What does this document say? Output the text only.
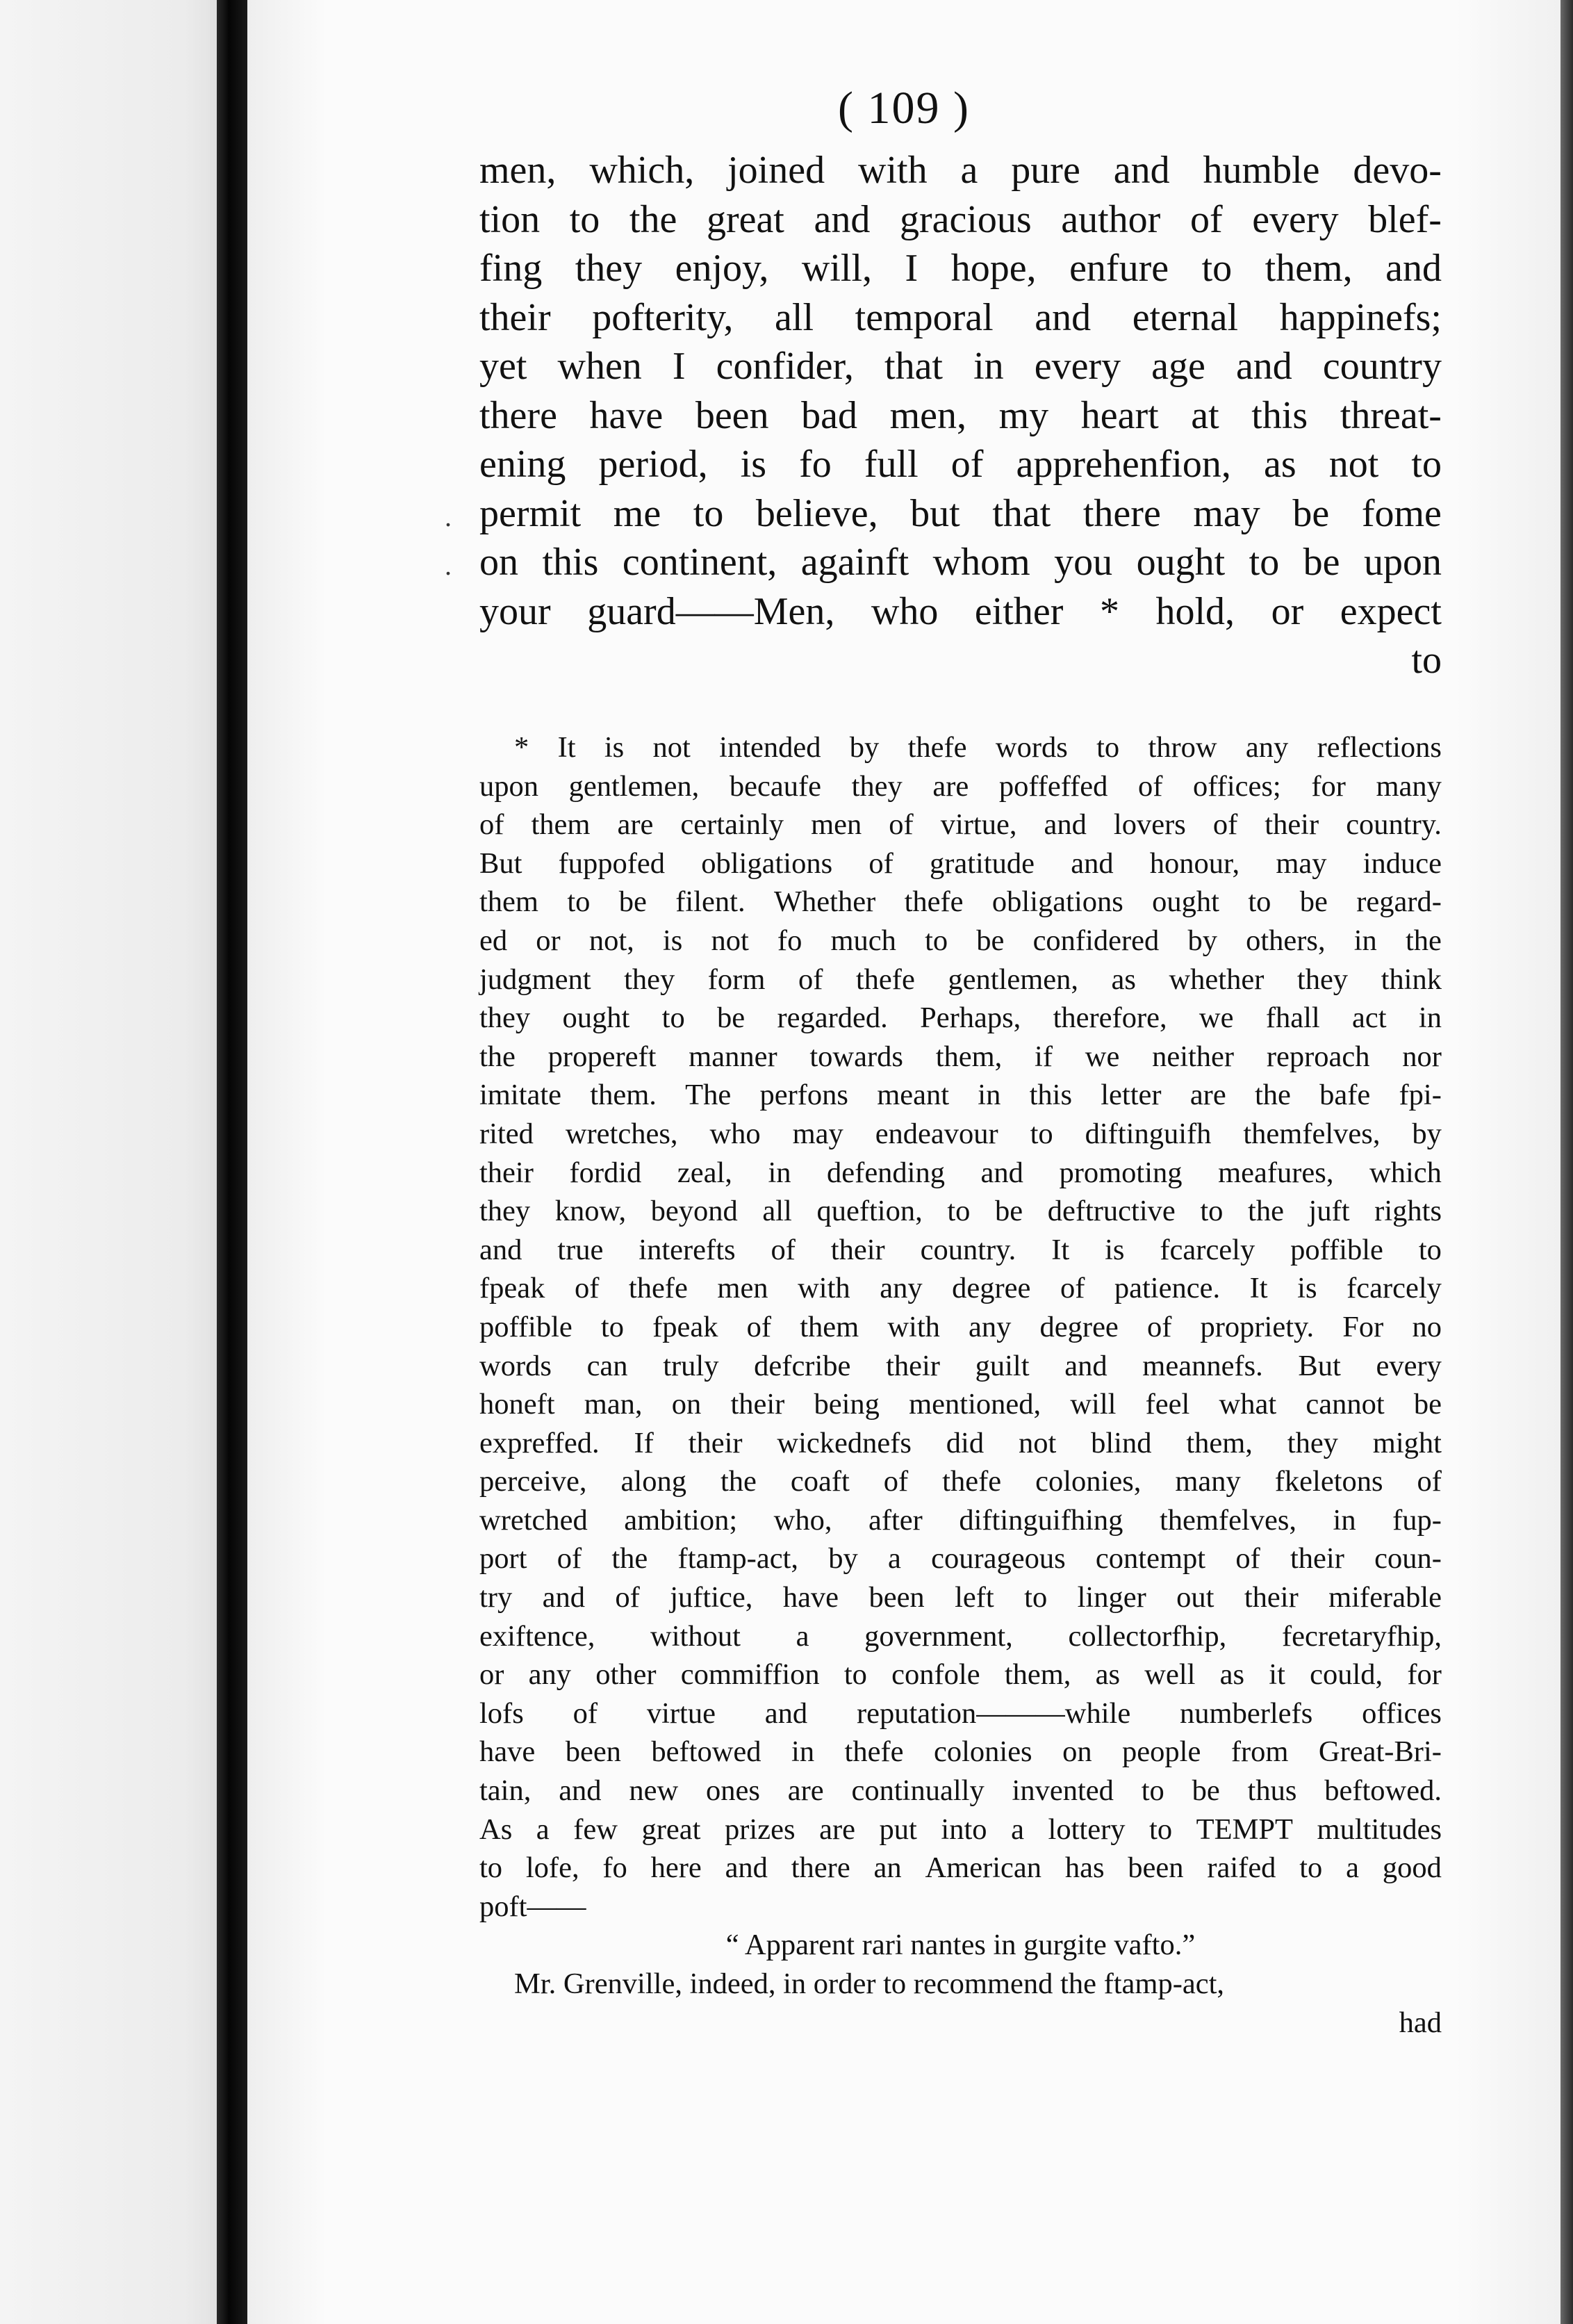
( 109 )
.
.
men, which, joined with a pure and humble devo-
tion to the great and gracious author of every blef-
fing they enjoy, will, I hope, enfure to them, and
their pofterity, all temporal and eternal happinefs;
yet when I confider, that in every age and country
there have been bad men, my heart at this threat-
ening period, is fo full of apprehenfion, as not to
permit me to believe, but that there may be fome
on this continent, againft whom you ought to be upon
your guard——Men, who either * hold, or expect
to
* It is not intended by thefe words to throw any reflections
upon gentlemen, becaufe they are poffeffed of offices; for many
of them are certainly men of virtue, and lovers of their country.
But fuppofed obligations of gratitude and honour, may induce
them to be filent. Whether thefe obligations ought to be regard-
ed or not, is not fo much to be confidered by others, in the
judgment they form of thefe gentlemen, as whether they think
they ought to be regarded. Perhaps, therefore, we fhall act in
the propereft manner towards them, if we neither reproach nor
imitate them. The perfons meant in this letter are the bafe fpi-
rited wretches, who may endeavour to diftinguifh themfelves, by
their fordid zeal, in defending and promoting meafures, which
they know, beyond all queftion, to be deftructive to the juft rights
and true interefts of their country. It is fcarcely poffible to
fpeak of thefe men with any degree of patience. It is fcarcely
poffible to fpeak of them with any degree of propriety. For no
words can truly defcribe their guilt and meannefs. But every
honeft man, on their being mentioned, will feel what cannot be
expreffed. If their wickednefs did not blind them, they might
perceive, along the coaft of thefe colonies, many fkeletons of
wretched ambition; who, after diftinguifhing themfelves, in fup-
port of the ftamp-act, by a courageous contempt of their coun-
try and of juftice, have been left to linger out their miferable
exiftence, without a government, collectorfhip, fecretaryfhip,
or any other commiffion to confole them, as well as it could, for
lofs of virtue and reputation———while numberlefs offices
have been beftowed in thefe colonies on people from Great-Bri-
tain, and new ones are continually invented to be thus beftowed.
As a few great prizes are put into a lottery to TEMPT multitudes
to lofe, fo here and there an American has been raifed to a good
poft——
“ Apparent rari nantes in gurgite vafto.”
Mr. Grenville, indeed, in order to recommend the ftamp-act,
had
